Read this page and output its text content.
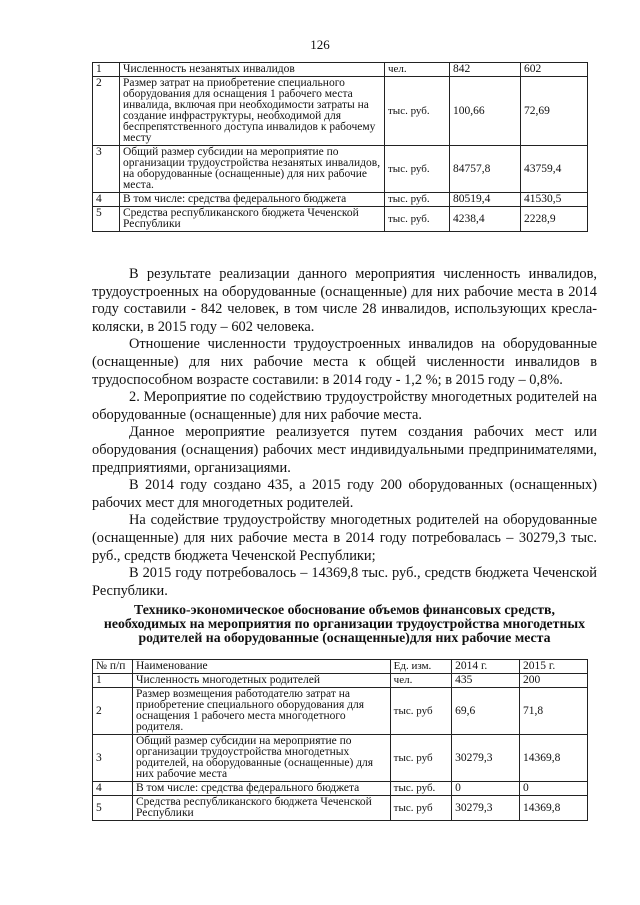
126
1	Численность незанятых инвалидов	чел.	842	602
2	Размер затрат на приобретение специального оборудования для оснащения 1 рабочего места инвалида, включая при необходимости затраты на создание инфраструктуры, необходимой для беспрепятственного доступа инвалидов к рабочему месту	тыс. руб.	100,66	72,69
3	Общий размер субсидии на мероприятие по организации трудоустройства незанятых инвалидов, на оборудованные (оснащенные) для них рабочие места.	тыс. руб.	84757,8	43759,4
4	В том числе: средства федерального бюджета	тыс. руб.	80519,4	41530,5
5	Средства республиканского бюджета Чеченской Республики	тыс. руб.	4238,4	2228,9

В результате реализации данного мероприятия численность инвалидов, трудоустроенных на оборудованные (оснащенные) для них рабочие места в 2014 году составили - 842 человек, в том числе 28 инвалидов, использующих кресла-коляски, в 2015 году – 602 человека.

Отношение численности трудоустроенных инвалидов на оборудованные (оснащенные) для них рабочие места к общей численности инвалидов в трудоспособном возрасте составили: в 2014 году - 1,2 %; в 2015 году – 0,8%.

2. Мероприятие по содействию трудоустройству многодетных родителей на оборудованные (оснащенные) для них рабочие места.

Данное мероприятие реализуется путем создания рабочих мест или оборудования (оснащения) рабочих мест индивидуальными предпринимателями, предприятиями, организациями.

В 2014 году создано 435, а 2015 году 200 оборудованных (оснащенных) рабочих мест для многодетных родителей.

На содействие трудоустройству многодетных родителей на оборудованные (оснащенные) для них рабочие места в 2014 году потребовалась – 30279,3 тыс. руб., средств бюджета Чеченской Республики;

В 2015 году потребовалось – 14369,8 тыс. руб., средств бюджета Чеченской Республики.

Технико-экономическое обоснование объемов финансовых средств, необходимых на мероприятия по организации трудоустройства многодетных родителей на оборудованные (оснащенные)для них рабочие места
№ п/п	Наименование	Ед. изм.	2014 г.	2015 г.
1	Численность многодетных родителей	чел.	435	200
2	Размер возмещения работодателю затрат на приобретение специального оборудования для оснащения 1 рабочего места многодетного родителя.	тыс. руб	69,6	71,8
3	Общий размер субсидии на мероприятие по организации трудоустройства многодетных родителей, на оборудованные (оснащенные) для них рабочие места	тыс. руб	30279,3	14369,8
4	В том числе: средства федерального бюджета	тыс. руб.	0	0
5	Средства республиканского бюджета Чеченской Республики	тыс. руб	30279,3	14369,8
